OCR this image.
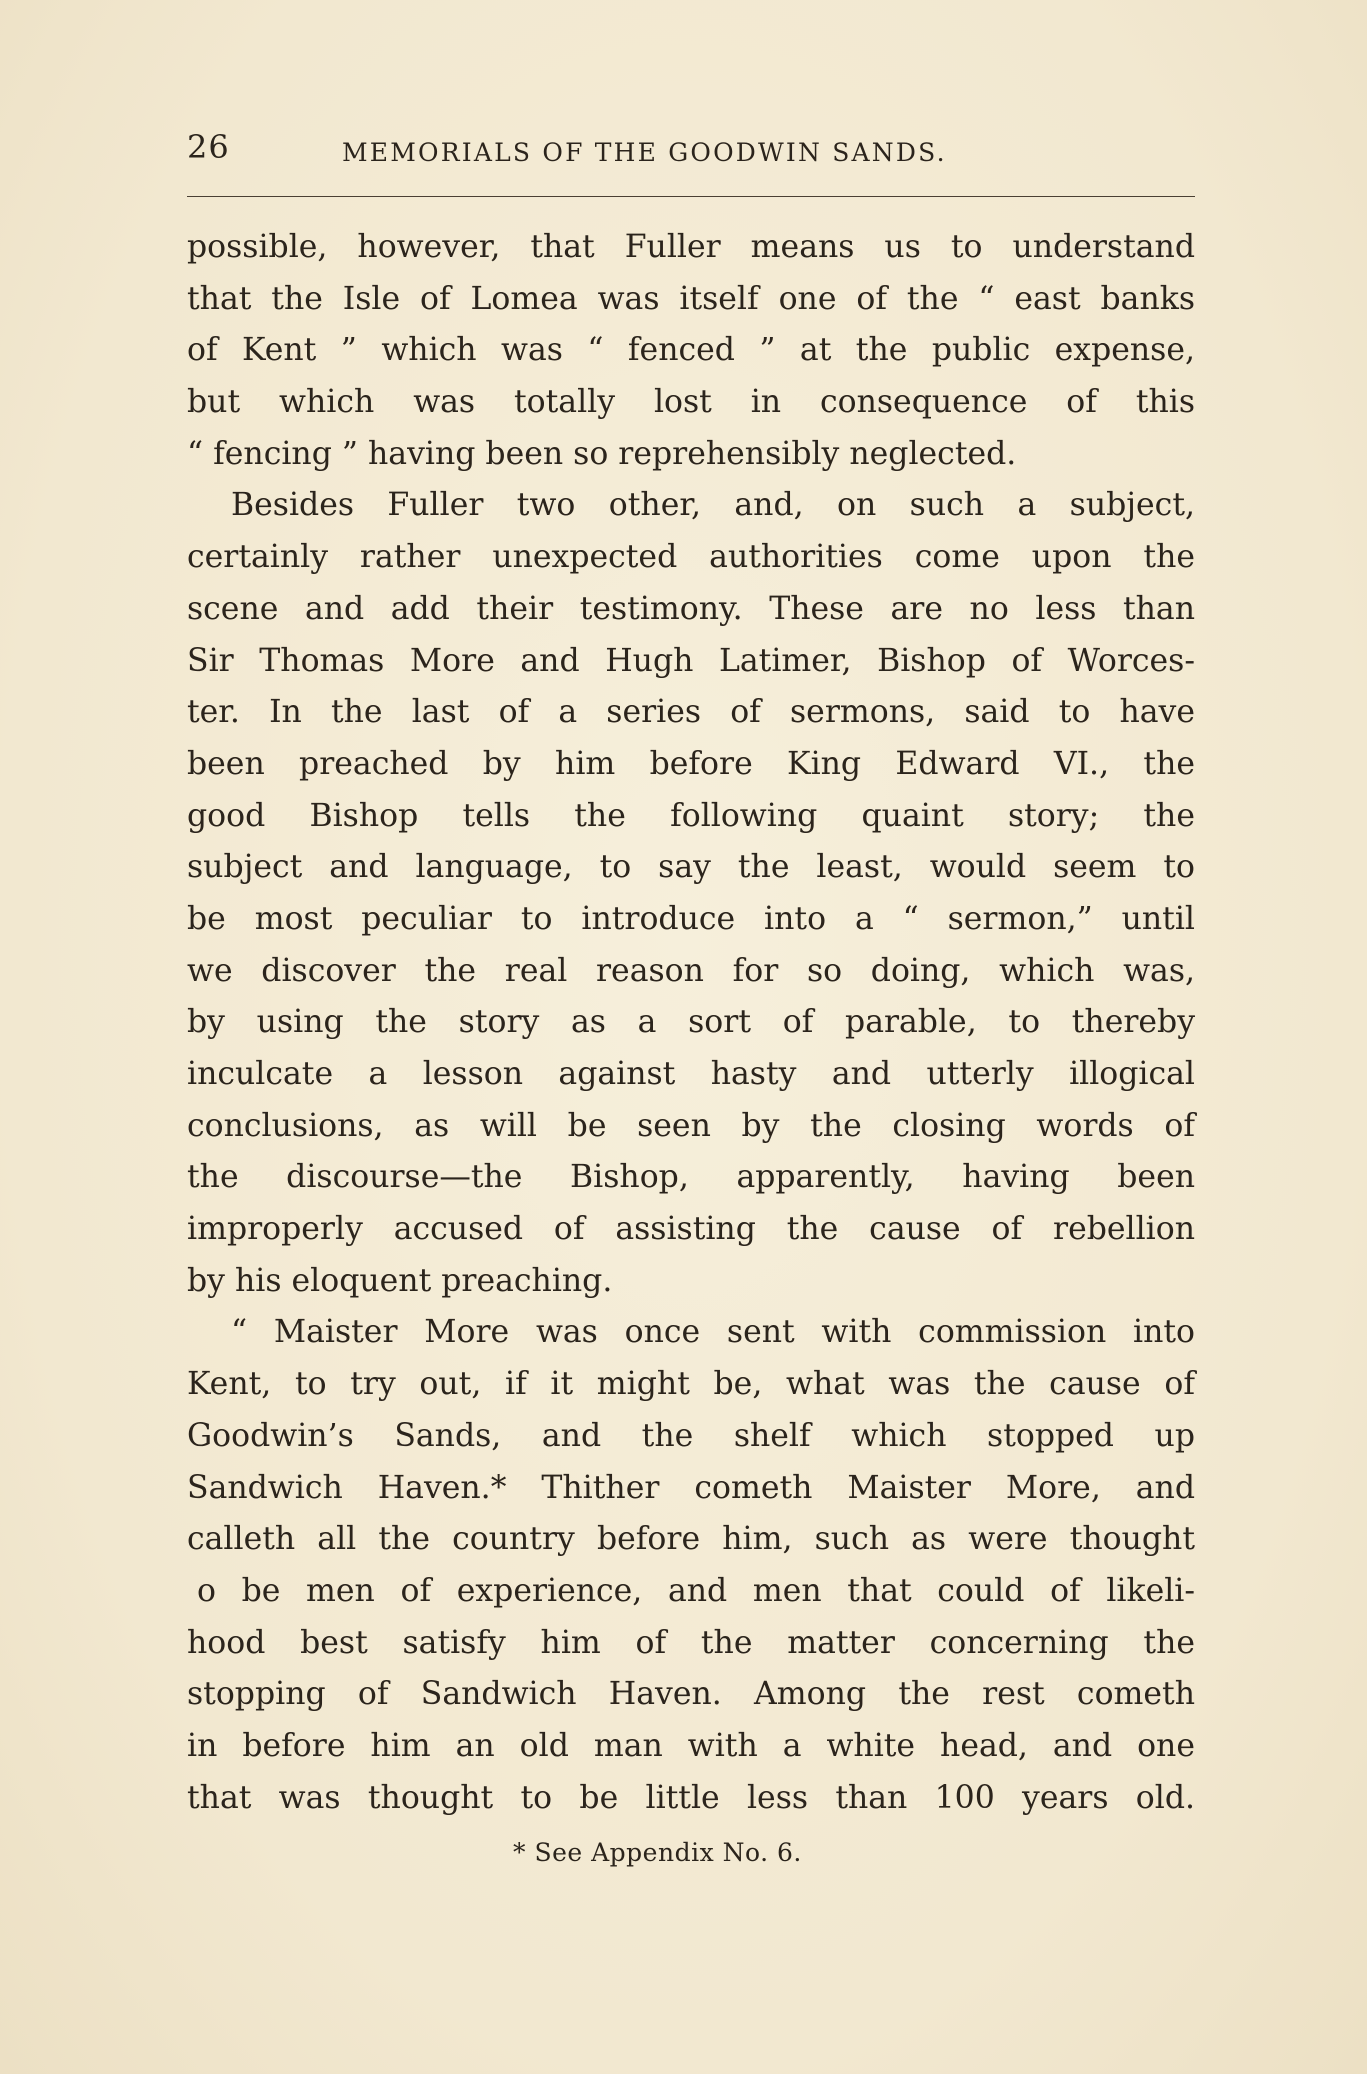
26	MEMORIALS OF THE GOODWIN SANDS.
possible, however, that Fuller means us to understand
that the Isle of Lomea was itself one of the “ east banks
of Kent ” which was “ fenced ” at the public expense,
but which was totally lost in consequence of this
“ fencing ” having been so reprehensibly neglected.
Besides Fuller two other, and, on such a subject,
certainly rather unexpected authorities come upon the
scene and add their testimony. These are no less than
Sir Thomas More and Hugh Latimer, Bishop of Worces-
ter. In the last of a series of sermons, said to have
been preached by him before King Edward VI., the
good Bishop tells the following quaint story; the
subject and language, to say the least, would seem to
be most peculiar to introduce into a “ sermon,” until
we discover the real reason for so doing, which was,
by using the story as a sort of parable, to thereby
inculcate a lesson against hasty and utterly illogical
conclusions, as will be seen by the closing words of
the discourse—the Bishop, apparently, having been
improperly accused of assisting the cause of rebellion
by his eloquent preaching.
“ Maister More was once sent with commission into
Kent, to try out, if it might be, what was the cause of
Goodwin’s Sands, and the shelf which stopped up
Sandwich Haven.* Thither cometh Maister More, and
calleth all the country before him, such as were thought
o be men of experience, and men that could of likeli-
hood best satisfy him of the matter concerning the
stopping of Sandwich Haven. Among the rest cometh
in before him an old man with a white head, and one
that was thought to be little less than 100 years old.
* See Appendix No. 6.
